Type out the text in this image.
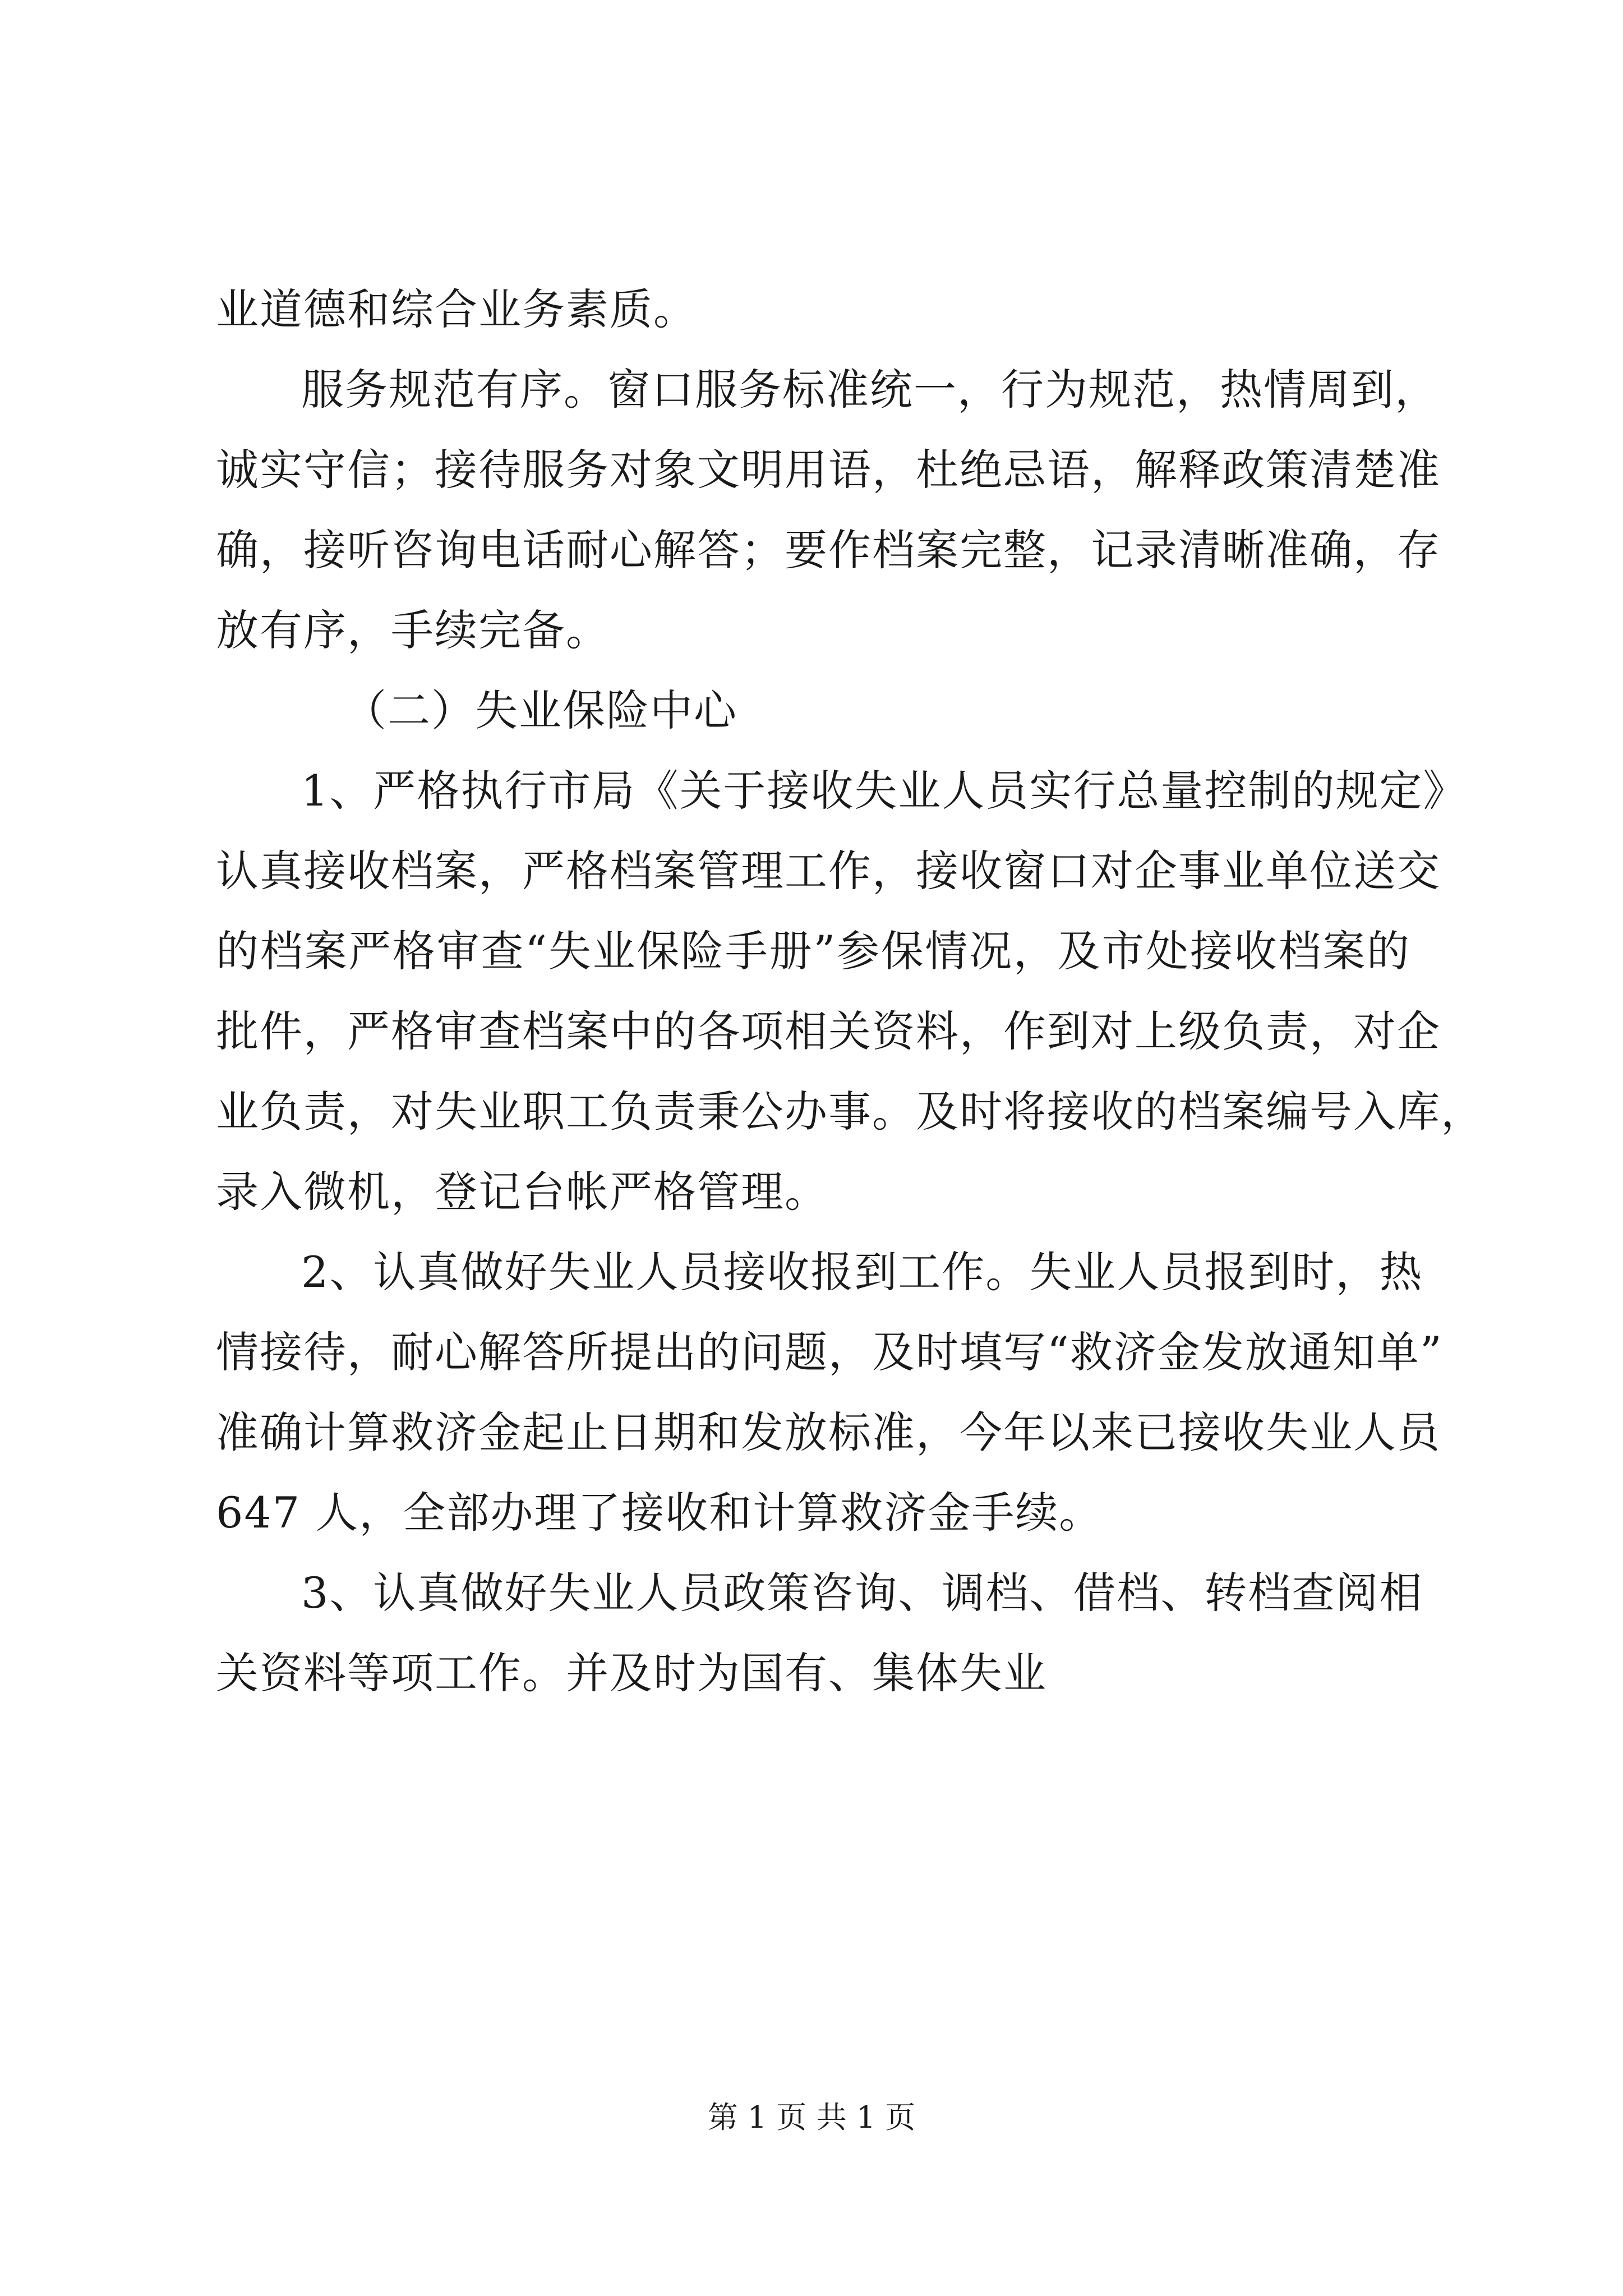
业道德和综合业务素质。
服务规范有序。窗口服务标准统一，行为规范，热情周到，
诚实守信；接待服务对象文明用语，杜绝忌语，解释政策清楚准
确，接听咨询电话耐心解答；要作档案完整，记录清晰准确，存
放有序，手续完备。
（二）失业保险中心
1、严格执行市局《关于接收失业人员实行总量控制的规定》
认真接收档案，严格档案管理工作，接收窗口对企事业单位送交
的档案严格审查“失业保险手册”参保情况，及市处接收档案的
批件，严格审查档案中的各项相关资料，作到对上级负责，对企
业负责，对失业职工负责秉公办事。及时将接收的档案编号入库，
录入微机，登记台帐严格管理。
2、认真做好失业人员接收报到工作。失业人员报到时，热
情接待，耐心解答所提出的问题，及时填写“救济金发放通知单”
准确计算救济金起止日期和发放标准，今年以来已接收失业人员
647 人，全部办理了接收和计算救济金手续。
3、认真做好失业人员政策咨询、调档、借档、转档查阅相
关资料等项工作。并及时为国有、集体失业
第 1 页 共 1 页
